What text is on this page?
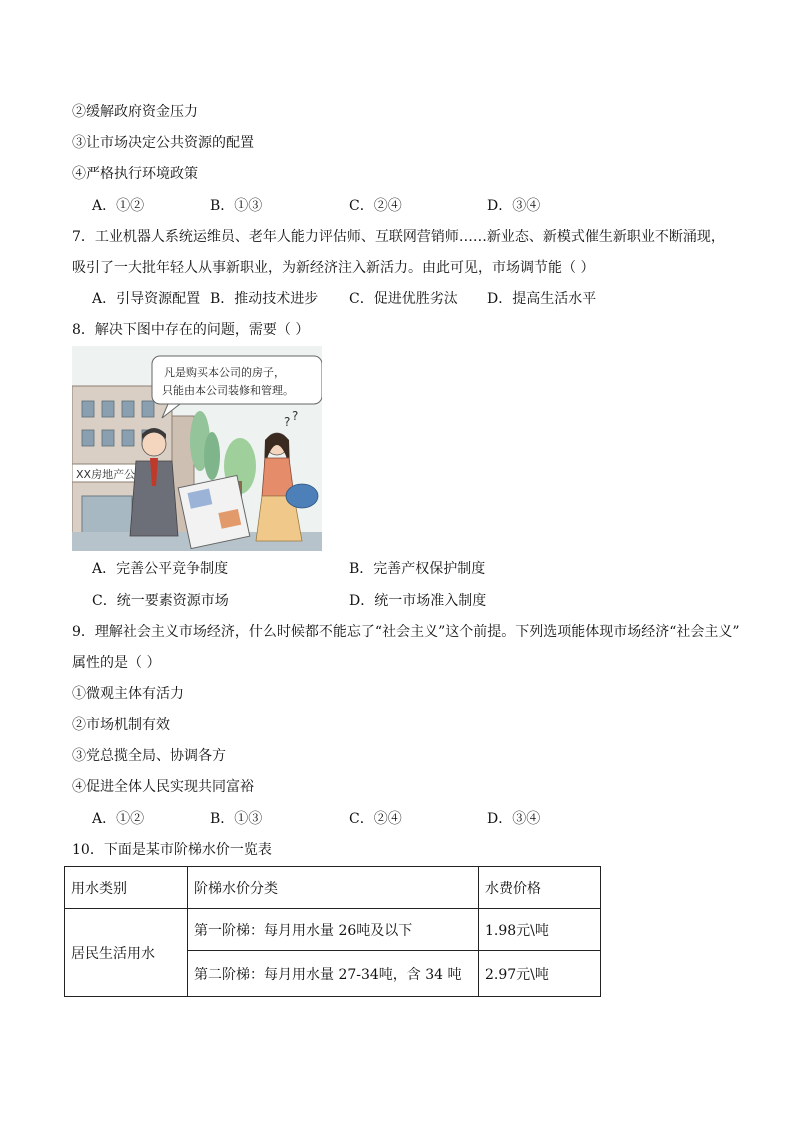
②缓解政府资金压力
③让市场决定公共资源的配置
④严格执行环境政策
A．①②	B．①③	C．②④	D．③④
7．工业机器人系统运维员、老年人能力评估师、互联网营销师……新业态、新模式催生新职业不断涌现，
吸引了一大批年轻人从事新职业，为新经济注入新活力。由此可见，市场调节能（ ）
A．引导资源配置 B．推动技术进步 C．促进优胜劣汰 D．提高生活水平
8．解决下图中存在的问题，需要（ ）
XX房地产公
凡是购买本公司的房子，
只能由本公司装修和管理。
? ?
A．完善公平竞争制度	B．完善产权保护制度
C．统一要素资源市场	D．统一市场准入制度
9．理解社会主义市场经济，什么时候都不能忘了“社会主义”这个前提。下列选项能体现市场经济“社会主义”
属性的是（ ）
①微观主体有活力
②市场机制有效
③党总揽全局、协调各方
④促进全体人民实现共同富裕
A．①②	B．①③	C．②④	D．③④
10．下面是某市阶梯水价一览表
用水类别	阶梯水价分类	水费价格
居民生活用水	第一阶梯：每月用水量 26吨及以下	1.98元\吨
	第二阶梯：每月用水量 27-34吨，含 34 吨	2.97元\吨
